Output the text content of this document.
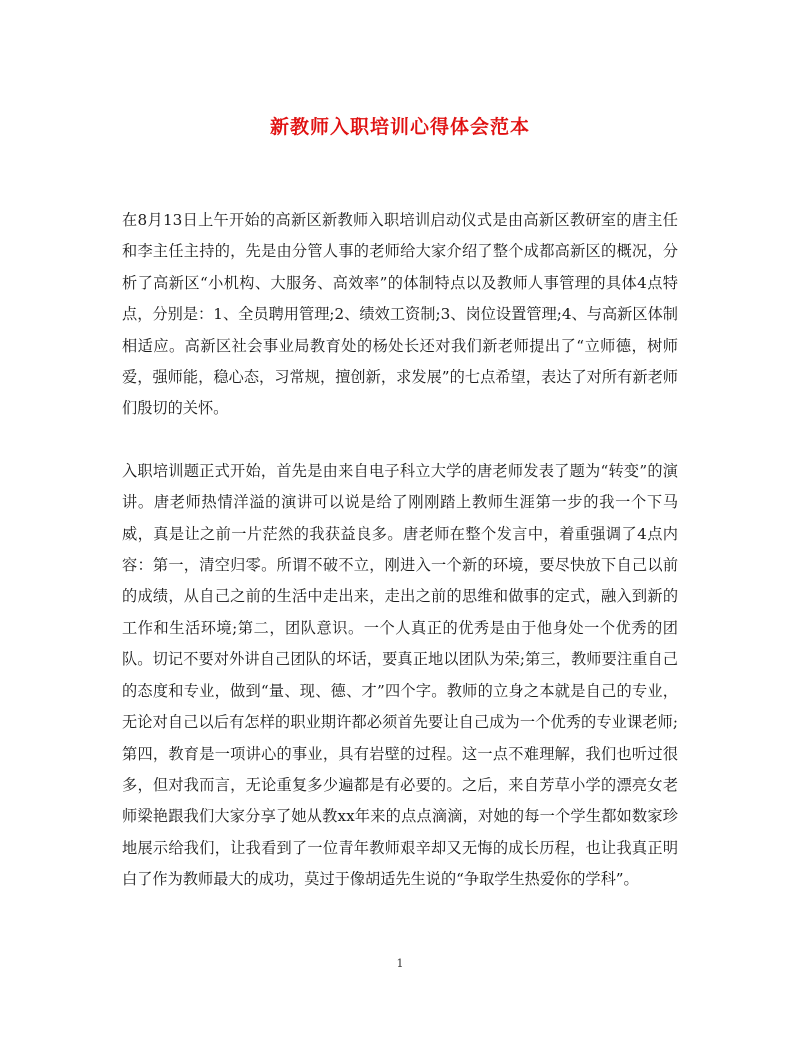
新教师入职培训心得体会范本

在8月13日上午开始的高新区新教师入职培训启动仪式是由高新区教研室的唐主任和李主任主持的，先是由分管人事的老师给大家介绍了整个成都高新区的概况，分析了高新区“小机构、大服务、高效率”的体制特点以及教师人事管理的具体4点特点，分别是：1、全员聘用管理;2、绩效工资制;3、岗位设置管理;4、与高新区体制相适应。高新区社会事业局教育处的杨处长还对我们新老师提出了“立师德，树师爱，强师能，稳心态，习常规，擅创新，求发展”的七点希望，表达了对所有新老师们殷切的关怀。

入职培训题正式开始，首先是由来自电子科立大学的唐老师发表了题为“转变”的演讲。唐老师热情洋溢的演讲可以说是给了刚刚踏上教师生涯第一步的我一个下马威，真是让之前一片茫然的我获益良多。唐老师在整个发言中，着重强调了4点内容：第一，清空归零。所谓不破不立，刚进入一个新的环境，要尽快放下自己以前的成绩，从自己之前的生活中走出来，走出之前的思维和做事的定式，融入到新的工作和生活环境;第二，团队意识。一个人真正的优秀是由于他身处一个优秀的团队。切记不要对外讲自己团队的坏话，要真正地以团队为荣;第三，教师要注重自己的态度和专业，做到“量、现、德、才”四个字。教师的立身之本就是自己的专业，无论对自己以后有怎样的职业期许都必须首先要让自己成为一个优秀的专业课老师;第四，教育是一项讲心的事业，具有岩壁的过程。这一点不难理解，我们也听过很多，但对我而言，无论重复多少遍都是有必要的。之后，来自芳草小学的漂亮女老师梁艳跟我们大家分享了她从教xx年来的点点滴滴，对她的每一个学生都如数家珍地展示给我们，让我看到了一位青年教师艰辛却又无悔的成长历程，也让我真正明白了作为教师最大的成功，莫过于像胡适先生说的“争取学生热爱你的学科”。

1
